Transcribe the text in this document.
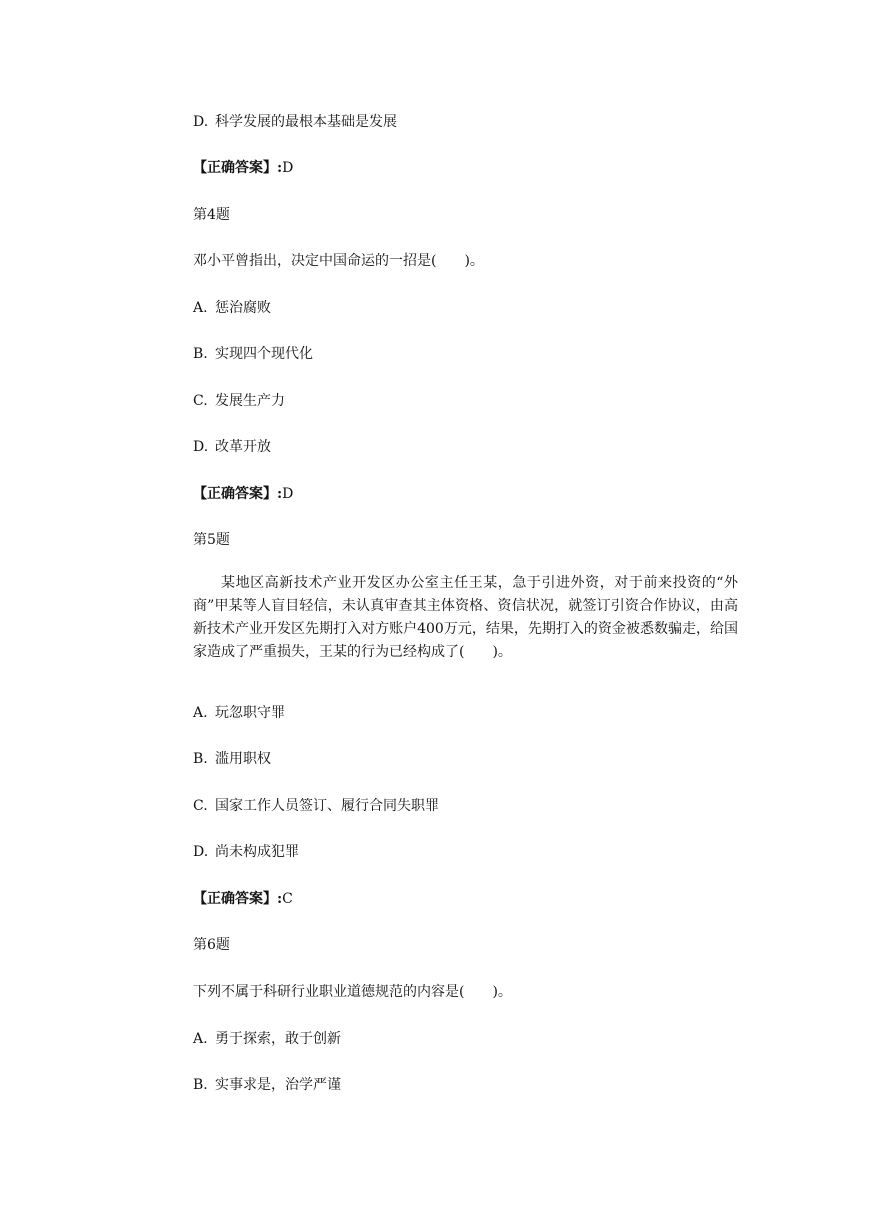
D. 科学发展的最根本基础是发展
【正确答案】:D
第4题
邓小平曾指出，决定中国命运的一招是(　　)。
A. 惩治腐败
B. 实现四个现代化
C. 发展生产力
D. 改革开放
【正确答案】:D
第5题
某地区高新技术产业开发区办公室主任王某，急于引进外资，对于前来投资的“外商”甲某等人盲目轻信，未认真审查其主体资格、资信状况，就签订引资合作协议，由高新技术产业开发区先期打入对方账户400万元，结果，先期打入的资金被悉数骗走，给国家造成了严重损失，王某的行为已经构成了(　　)。
A. 玩忽职守罪
B. 滥用职权
C. 国家工作人员签订、履行合同失职罪
D. 尚未构成犯罪
【正确答案】:C
第6题
下列不属于科研行业职业道德规范的内容是(　　)。
A. 勇于探索，敢于创新
B. 实事求是，治学严谨
